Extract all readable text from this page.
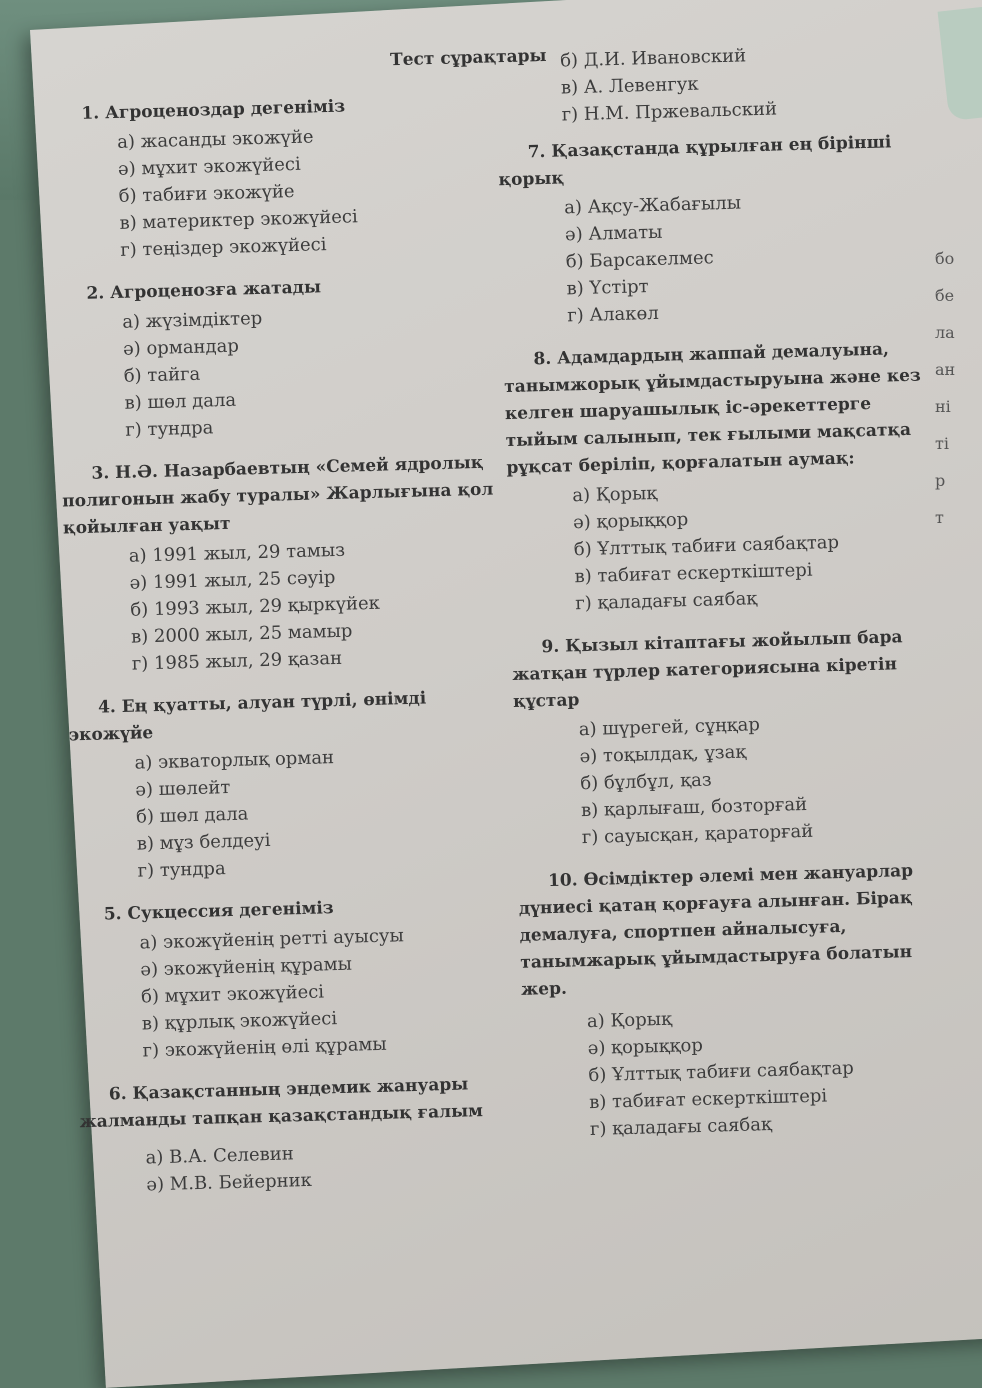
Тест сұрақтары
1. Агроценоздар дегеніміз
а) жасанды экожүйе
ә) мұхит экожүйесі
б) табиғи экожүйе
в) материктер экожүйесі
г) теңіздер экожүйесі
2. Агроценозға жатады
а) жүзімдіктер
ә) ормандар
б) тайга
в) шөл дала
г) тундра
3. Н.Ә. Назарбаевтың «Семей ядролық полигонын жабу туралы» Жарлығына қол қойылған уақыт
а) 1991 жыл, 29 тамыз
ә) 1991 жыл, 25 сәуір
б) 1993 жыл, 29 қыркүйек
в) 2000 жыл, 25 мамыр
г) 1985 жыл, 29 қазан
4. Ең қуатты, алуан түрлі, өнімді экожүйе
а) экваторлық орман
ә) шөлейт
б) шөл дала
в) мұз белдеуі
г) тундра
5. Сукцессия дегеніміз
а) экожүйенің ретті ауысуы
ә) экожүйенің құрамы
б) мұхит экожүйесі
в) құрлық экожүйесі
г) экожүйенің өлі құрамы
6. Қазақстанның эндемик жануары жалманды тапқан қазақстандық ғалым
а) В.А. Селевин
ә) М.В. Бейерник
б) Д.И. Ивановский
в) А. Левенгук
г) Н.М. Пржевальский
7. Қазақстанда құрылған ең бірінші қорық
а) Ақсу-Жабағылы
ә) Алматы
б) Барсакелмес
в) Үстірт
г) Алакөл
8. Адамдардың жаппай демалуына, танымжорық ұйымдастыруына және кез келген шаруашылық іс-әрекеттерге тыйым салынып, тек ғылыми мақсатқа рұқсат беріліп, қорғалатын аумақ:
а) Қорық
ә) қорыққор
б) Ұлттық табиғи саябақтар
в) табиғат ескерткіштері
г) қаладағы саябақ
9. Қызыл кітаптағы жойылып бара жатқан түрлер категориясына кіретін құстар
а) шүрегей, сұңқар
ә) тоқылдақ, ұзақ
б) бұлбұл, қаз
в) қарлығаш, бозторғай
г) сауысқан, қараторғай
10. Өсімдіктер әлемі мен жануарлар дүниесі қатаң қорғауға алынған. Бірақ демалуға, спортпен айналысуға, танымжарық ұйымдастыруға болатын жер.
а) Қорық
ә) қорыққор
б) Ұлттық табиғи саябақтар
в) табиғат ескерткіштері
г) қаладағы саябақ
бо
бе
ла
ан
ні
ті
р
т
